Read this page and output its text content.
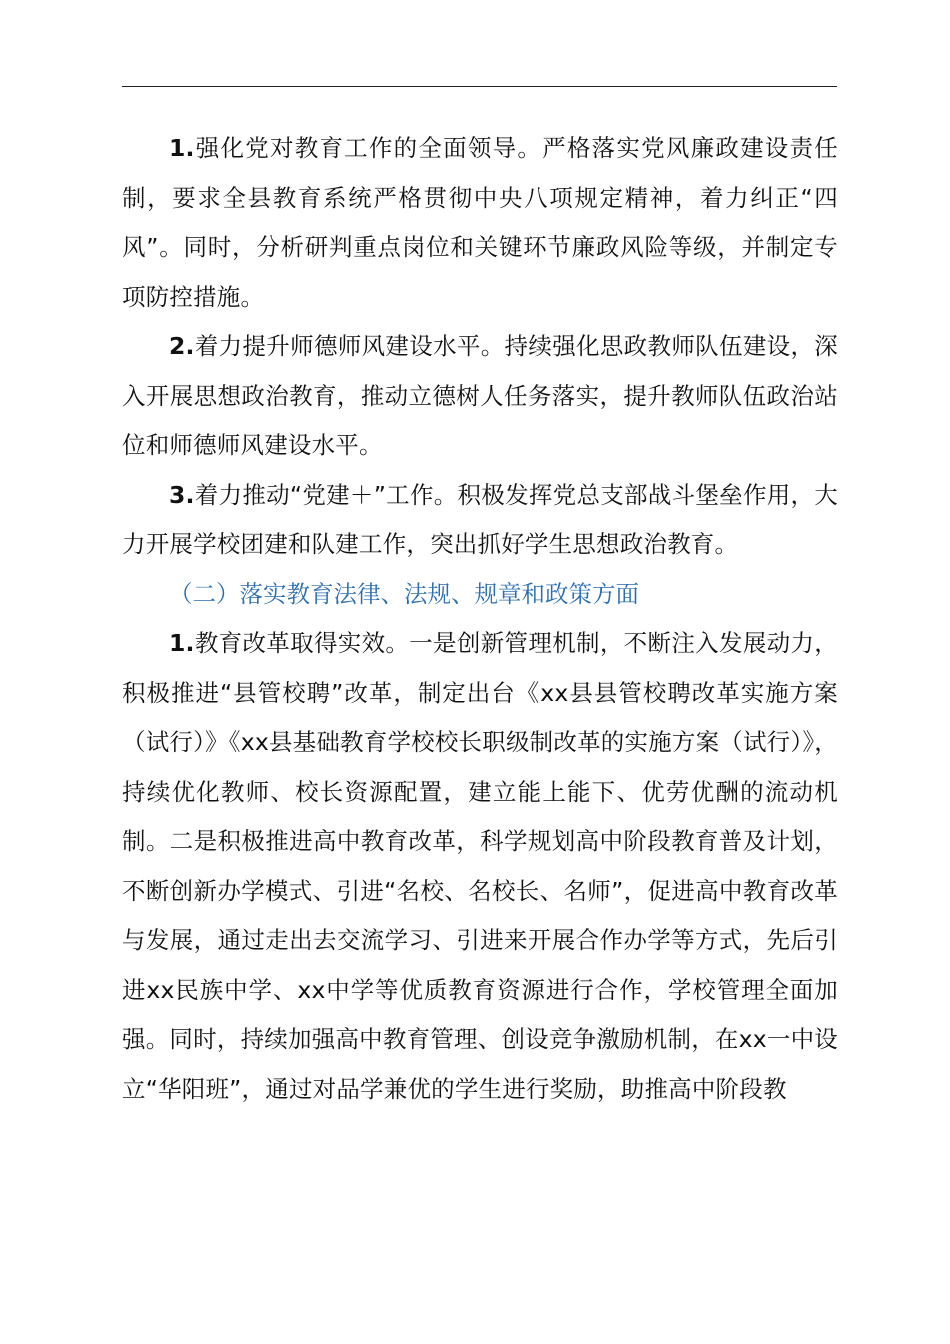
1.强化党对教育工作的全面领导。严格落实党风廉政建设责任制，要求全县教育系统严格贯彻中央八项规定精神，着力纠正“四风”。同时，分析研判重点岗位和关键环节廉政风险等级，并制定专项防控措施。

2.着力提升师德师风建设水平。持续强化思政教师队伍建设，深入开展思想政治教育，推动立德树人任务落实，提升教师队伍政治站位和师德师风建设水平。

3.着力推动“党建＋”工作。积极发挥党总支部战斗堡垒作用，大力开展学校团建和队建工作，突出抓好学生思想政治教育。

（二）落实教育法律、法规、规章和政策方面

1.教育改革取得实效。一是创新管理机制，不断注入发展动力，积极推进“县管校聘”改革，制定出台《xx县县管校聘改革实施方案（试行）》《xx县基础教育学校校长职级制改革的实施方案（试行）》，持续优化教师、校长资源配置，建立能上能下、优劳优酬的流动机制。二是积极推进高中教育改革，科学规划高中阶段教育普及计划，不断创新办学模式、引进“名校、名校长、名师”，促进高中教育改革与发展，通过走出去交流学习、引进来开展合作办学等方式，先后引进xx民族中学、xx中学等优质教育资源进行合作，学校管理全面加强。同时，持续加强高中教育管理、创设竞争激励机制，在xx一中设立“华阳班”，通过对品学兼优的学生进行奖励，助推高中阶段教
